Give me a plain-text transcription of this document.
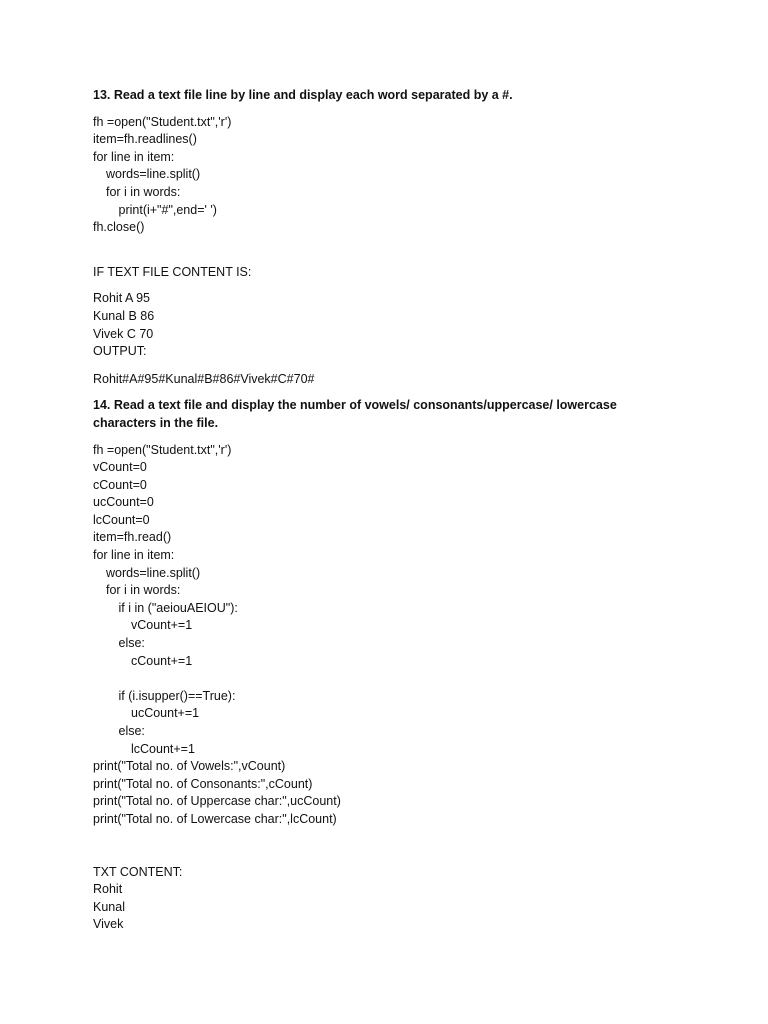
13. Read a text file line by line and display each word separated by a #.

fh =open("Student.txt",'r')
item=fh.readlines()
for line in item:
words=line.split()
for i in words:
print(i+"#",end=' ')
fh.close()
IF TEXT FILE CONTENT IS:
Rohit A 95
Kunal B 86
Vivek C 70
OUTPUT:
Rohit#A#95#Kunal#B#86#Vivek#C#70#

14. Read a text file and display the number of vowels/ consonants/uppercase/ lowercase

characters in the file.

fh =open("Student.txt",'r')
vCount=0
cCount=0
ucCount=0
lcCount=0
item=fh.read()
for line in item:
words=line.split()
for i in words:
if i in ("aeiouAEIOU"):
vCount+=1
else:
cCount+=1
if (i.isupper()==True):
ucCount+=1
else:
lcCount+=1
print("Total no. of Vowels:",vCount)
print("Total no. of Consonants:",cCount)
print("Total no. of Uppercase char:",ucCount)
print("Total no. of Lowercase char:",lcCount)
TXT CONTENT:
Rohit
Kunal
Vivek
